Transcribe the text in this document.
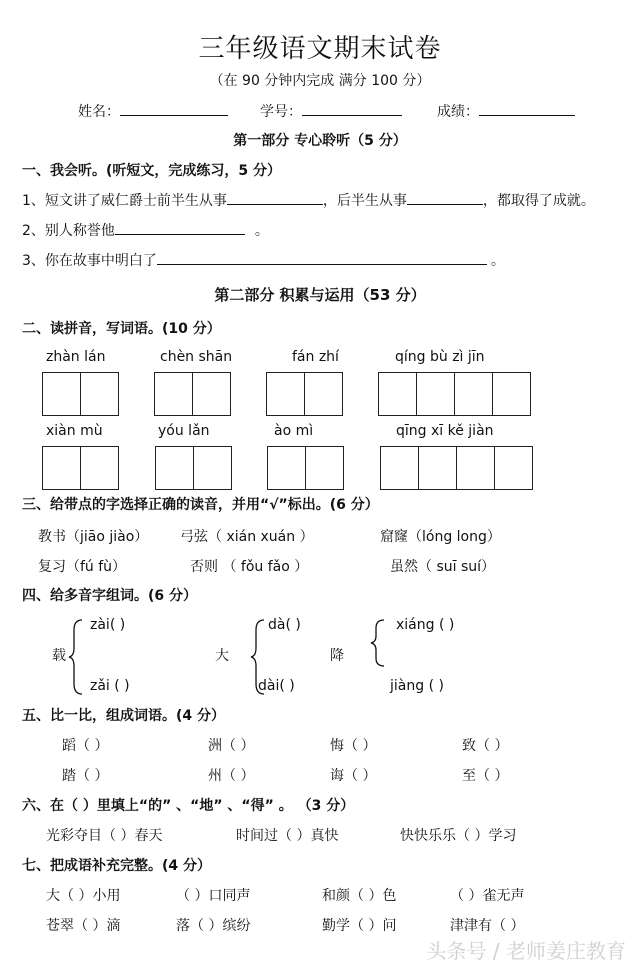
三年级语文期末试卷
（在 90 分钟内完成 满分 100 分）
姓名：	学号：	成绩：
第一部分 专心聆听（5 分）
一、我会听。(听短文，完成练习，5 分）
1、短文讲了威仁爵士前半生从事	，后半生从事	，都取得了成就。
2、别人称誉他	。
3、你在故事中明白了	。
第二部分 积累与运用（53 分）
二、读拼音，写词语。(10 分）
zhàn lán	chèn shān	fán zhí	qíng bù zì jīn
xiàn mù	yóu lǎn	ào mì	qīng xī kě jiàn
三、给带点的字选择正确的读音，并用“√”标出。(6 分）
教书（jiāo jiào） 弓弦（ xián xuán ）	窟窿（lóng long）
复习（fú fù）	否则 （ fǒu fǎo ）	虽然（ suī suí）
四、给多音字组词。(6 分）
zài( )
载
zǎi ( )
dà( )
大
dài( )
xiáng ( )
降
jiàng ( )
五、比一比，组成词语。(4 分）
蹈（ ）	洲（ ）	悔（ ）	致（ ）
踏（ ）	州（ ）	诲（ ）	至（ ）
六、在（ ）里填上“的” 、“地” 、“得” 。 （3 分）
光彩夺目（ ）春天	时间过（ ）真快	快快乐乐（ ）学习
七、把成语补充完整。(4 分）
大（ ）小用	（ ）口同声	和颜（ ）色	（ ）雀无声
苍翠（ ）滴	落（ ）缤纷	勤学（ ）问	津津有（ ）
头条号 / 老师姜庄教育
